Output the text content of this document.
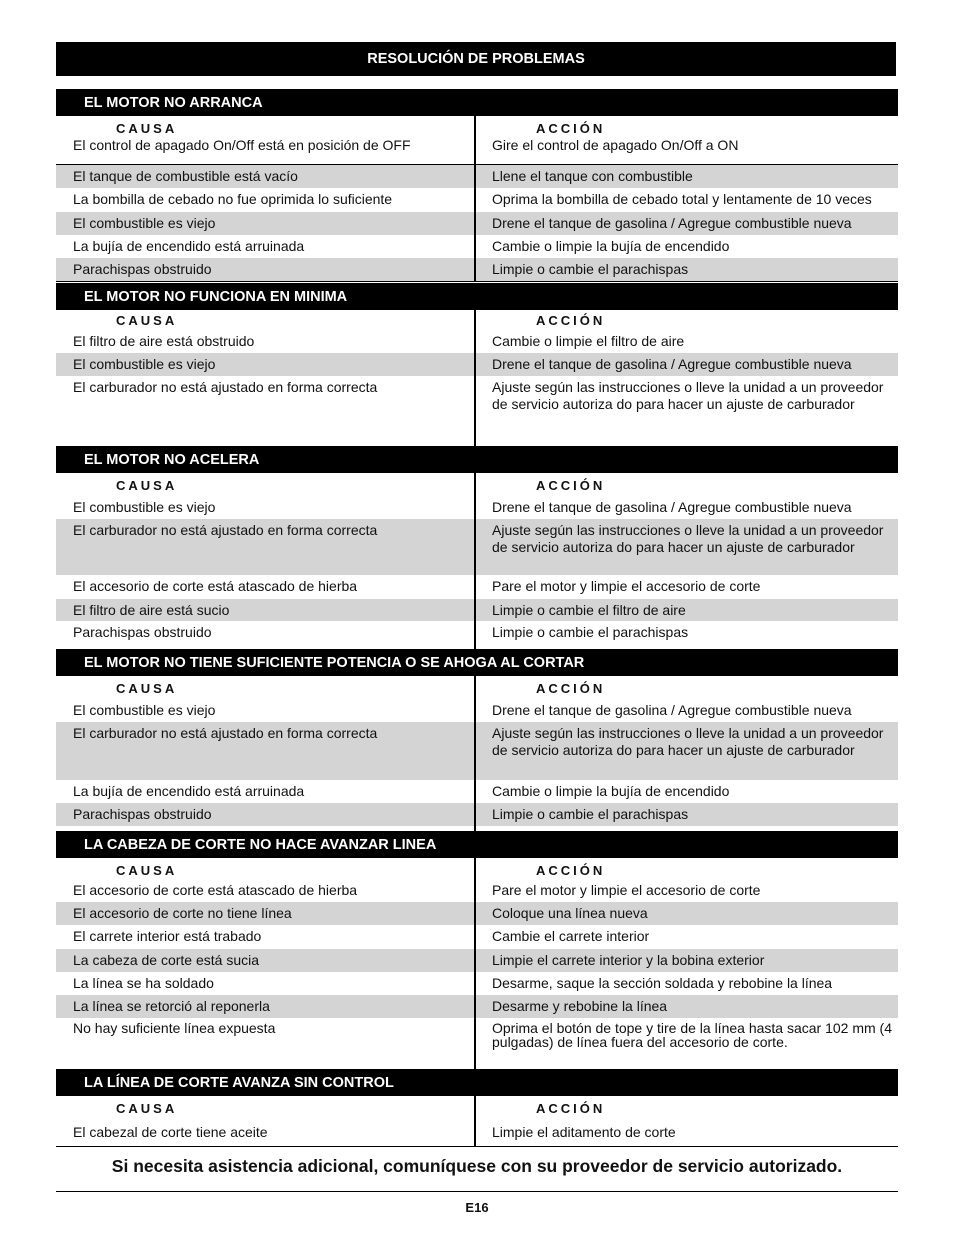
RESOLUCIÓN DE PROBLEMAS
EL MOTOR NO ARRANCA
CAUSA	ACCIÓN
El control de apagado On/Off está en posición de OFF	Gire el control de apagado On/Off a ON
El tanque de combustible está vacío	Llene el tanque con combustible
La bombilla de cebado no fue oprimida lo suficiente	Oprima la bombilla de cebado total y lentamente de 10 veces
El combustible es viejo	Drene el tanque de gasolina / Agregue combustible nueva
La bujía de encendido está arruinada	Cambie o limpie la bujía de encendido
Parachispas obstruido	Limpie o cambie el parachispas
EL MOTOR NO FUNCIONA EN MINIMA
CAUSA	ACCIÓN
El filtro de aire está obstruido	Cambie o limpie el filtro de aire
El combustible es viejo	Drene el tanque de gasolina / Agregue combustible nueva
El carburador no está ajustado en forma correcta	Ajuste según las instrucciones o lleve la unidad a un proveedor de servicio autoriza do para hacer un ajuste de carburador
EL MOTOR NO ACELERA
CAUSA	ACCIÓN
El combustible es viejo	Drene el tanque de gasolina / Agregue combustible nueva
El carburador no está ajustado en forma correcta	Ajuste según las instrucciones o lleve la unidad a un proveedor de servicio autoriza do para hacer un ajuste de carburador
El accesorio de corte está atascado de hierba	Pare el motor y limpie el accesorio de corte
El filtro de aire está sucio	Limpie o cambie el filtro de aire
Parachispas obstruido	Limpie o cambie el parachispas
EL MOTOR NO TIENE SUFICIENTE POTENCIA O SE AHOGA AL CORTAR
CAUSA	ACCIÓN
El combustible es viejo	Drene el tanque de gasolina / Agregue combustible nueva
El carburador no está ajustado en forma correcta	Ajuste según las instrucciones o lleve la unidad a un proveedor de servicio autoriza do para hacer un ajuste de carburador
La bujía de encendido está arruinada	Cambie o limpie la bujía de encendido
Parachispas obstruido	Limpie o cambie el parachispas
LA CABEZA DE CORTE NO HACE AVANZAR LINEA
CAUSA	ACCIÓN
El accesorio de corte está atascado de hierba	Pare el motor y limpie el accesorio de corte
El accesorio de corte no tiene línea	Coloque una línea nueva
El carrete interior está trabado	Cambie el carrete interior
La cabeza de corte está sucia	Limpie el carrete interior y la bobina exterior
La línea se ha soldado	Desarme, saque la sección soldada y rebobine la línea
La línea se retorció al reponerla	Desarme y rebobine la línea
No hay suficiente línea expuesta	Oprima el botón de tope y tire de la línea hasta sacar 102 mm (4 pulgadas) de línea fuera del accesorio de corte.
LA LÍNEA DE CORTE AVANZA SIN CONTROL
CAUSA	ACCIÓN
El cabezal de corte tiene aceite	Limpie el aditamento de corte
Si necesita asistencia adicional, comuníquese con su proveedor de servicio autorizado.
E16
